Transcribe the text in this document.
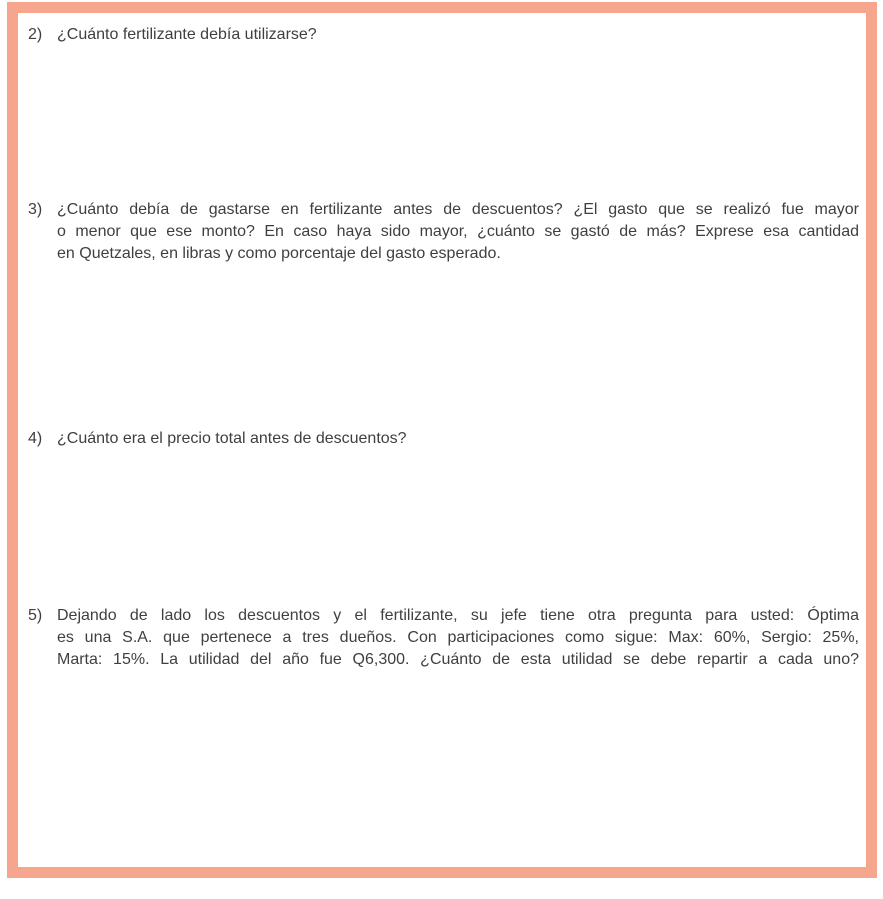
2) ¿Cuánto fertilizante debía utilizarse?
3) ¿Cuánto debía de gastarse en fertilizante antes de descuentos? ¿El gasto que se realizó fue mayor
o menor que ese monto? En caso haya sido mayor, ¿cuánto se gastó de más? Exprese esa cantidad
en Quetzales, en libras y como porcentaje del gasto esperado.
4) ¿Cuánto era el precio total antes de descuentos?
5) Dejando de lado los descuentos y el fertilizante, su jefe tiene otra pregunta para usted: Óptima
es una S.A. que pertenece a tres dueños. Con participaciones como sigue: Max: 60%, Sergio: 25%,
Marta: 15%. La utilidad del año fue Q6,300. ¿Cuánto de esta utilidad se debe repartir a cada uno?
